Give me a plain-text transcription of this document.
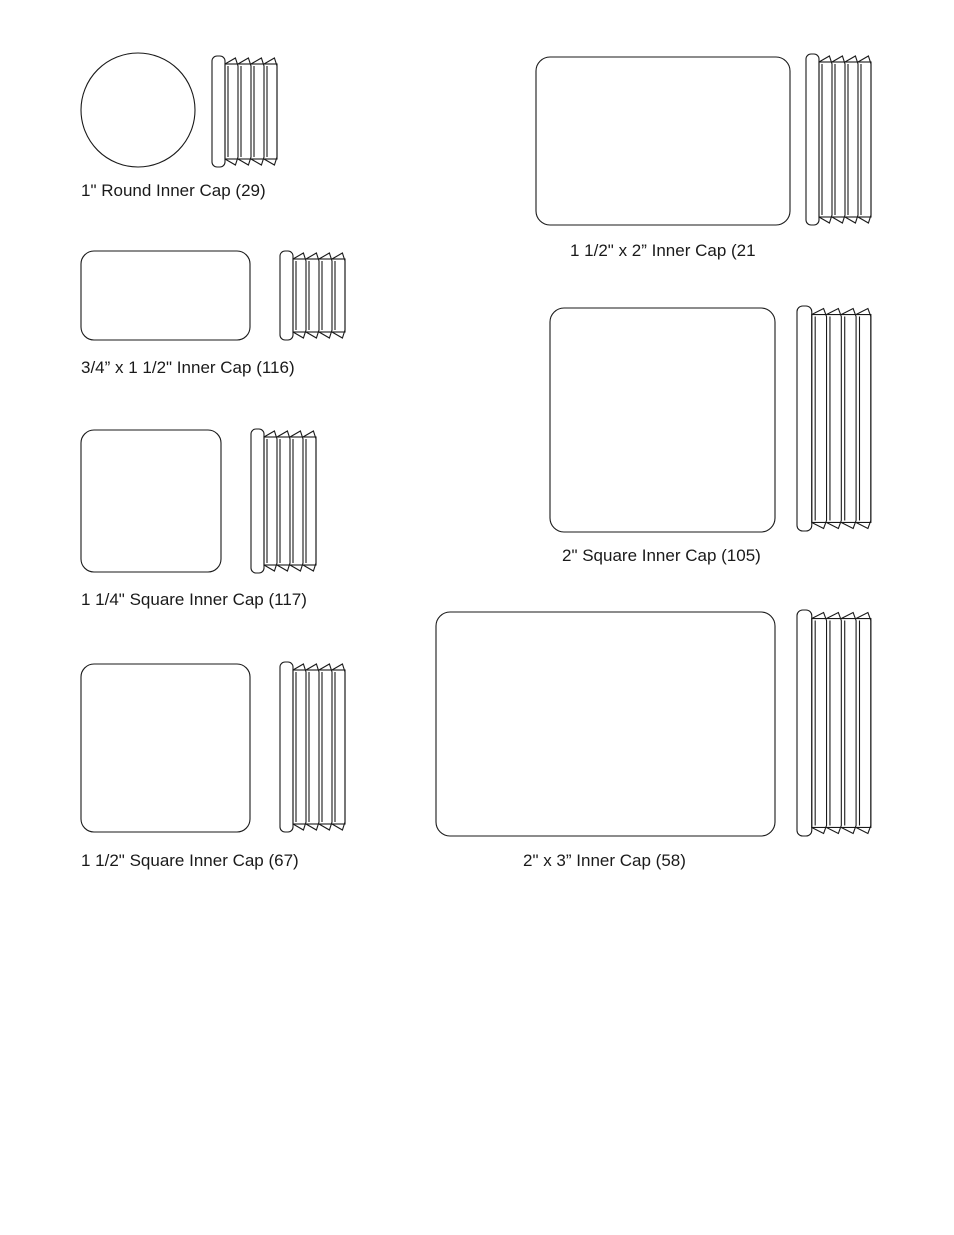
1" Round Inner Cap (29)
3/4” x 1 1/2" Inner Cap (116)
1 1/4" Square Inner Cap (117)
1 1/2" Square Inner Cap (67)
1 1/2" x 2” Inner Cap (21
2" Square Inner Cap (105)
2" x 3” Inner Cap (58)
